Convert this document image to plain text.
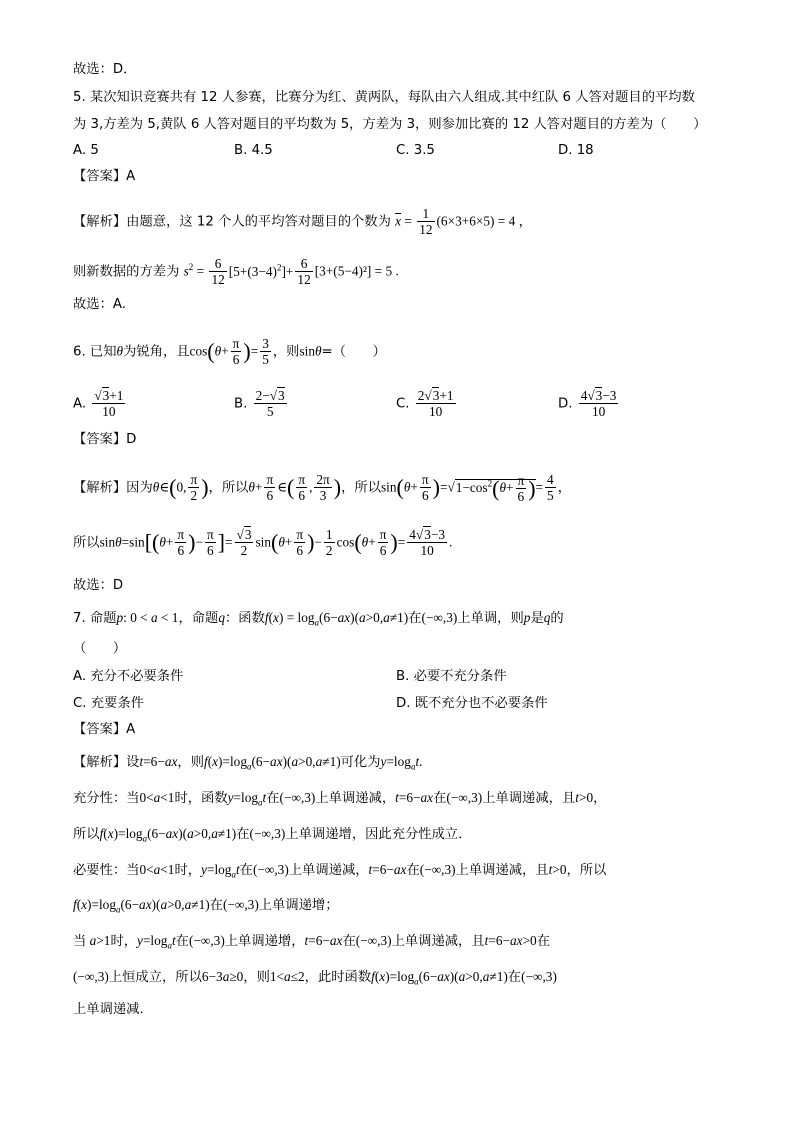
故选：D．
5. 某次知识竞赛共有 12 人参赛，比赛分为红、黄两队，每队由六人组成.其中红队 6 人答对题目的平均数
为 3,方差为 5,黄队 6 人答对题目的平均数为 5，方差为 3，则参加比赛的 12 人答对题目的方差为（　　）
A. 5	B. 4.5	C. 3.5	D. 18
【答案】A
【解析】由题意，这 12 个人的平均答对题目的个数为 $\overline{x} = \frac{1}{12} (6\times 3+6\times 5) = 4$ ，
则新数据的方差为 $s^2 = \frac{6}{12} [5+(3-4)^2]+ \frac{6}{12} [3+(5-4)^2] = 5$ .
故选：A.
6. 已知θ为锐角，且$\cos(\theta+ \frac{\pi}{6}$ )= $\frac{3}{5}$ ，则sinθ=（　　）
A. $\frac{√3+1}{10}$	B. $\frac{2-√3}{5}$	C. $\frac{2√3+1}{10}$	D. $\frac{4√3-3}{10}$
【答案】D
【解析】因为θ∈(0, $\frac{\pi}{2}$ )，所以$\theta+ \frac{\pi}{6}$ ∈( $\frac{\pi}{6}$ , $\frac{2\pi}{3}$ )，所以$\sin(\theta+ \frac{\pi}{6} )=√1-\cos^2(\theta+ \frac{\pi}{6}$ )= $\frac{4}{5}$ ，
所以$\sin\theta=\sin[(\theta+ \frac{\pi}{6}$ )− $\frac{\pi}{6}$ ]= $\frac{√3}{2} \sin(\theta+ \frac{\pi}{6}$ )− $\frac{1}{2} \cos(\theta+ \frac{\pi}{6}$ )= $\frac{4√3-3}{10}$ .
故选：D
7. 命题p: 0 < a < 1，命题q：函数$f(x) = \log_a(6-ax)(a>0,a\ne 1)$在(−∞,3)上单调，则p是q的
（　　）
A. 充分不必要条件	B. 必要不充分条件
C. 充要条件	D. 既不充分也不必要条件
【答案】A
【解析】设t=6−ax，则$f(x)=\log_a(6-ax)(a>0,a\ne 1)$可化为$y=\log_at$.
充分性：当0<a<1时，函数$y=\log_at$在(−∞,3)上单调递减，t=6−ax在(−∞,3)上单调递减，且t>0，
所以$f(x)=\log_a(6-ax)(a>0,a\ne 1)$在(−∞,3)上单调递增，因此充分性成立．
必要性：当0<a<1时，$y=\log_at$在(−∞,3)上单调递减，t=6−ax在(−∞,3)上单调递减，且t>0，所以
$f(x)=\log_a(6-ax)(a>0,a\ne 1)$在(−∞,3)上单调递增；
当 a>1时，$y=\log_at$在(−∞,3)上单调递增，t=6−ax在(−∞,3)上单调递减，且t=6−ax>0在
(−∞,3)上恒成立，所以6−3a≥0，则1<a≤2，此时函数$f(x)=\log_a(6-ax)(a>0,a\ne 1)$在(−∞,3)
上单调递减．
